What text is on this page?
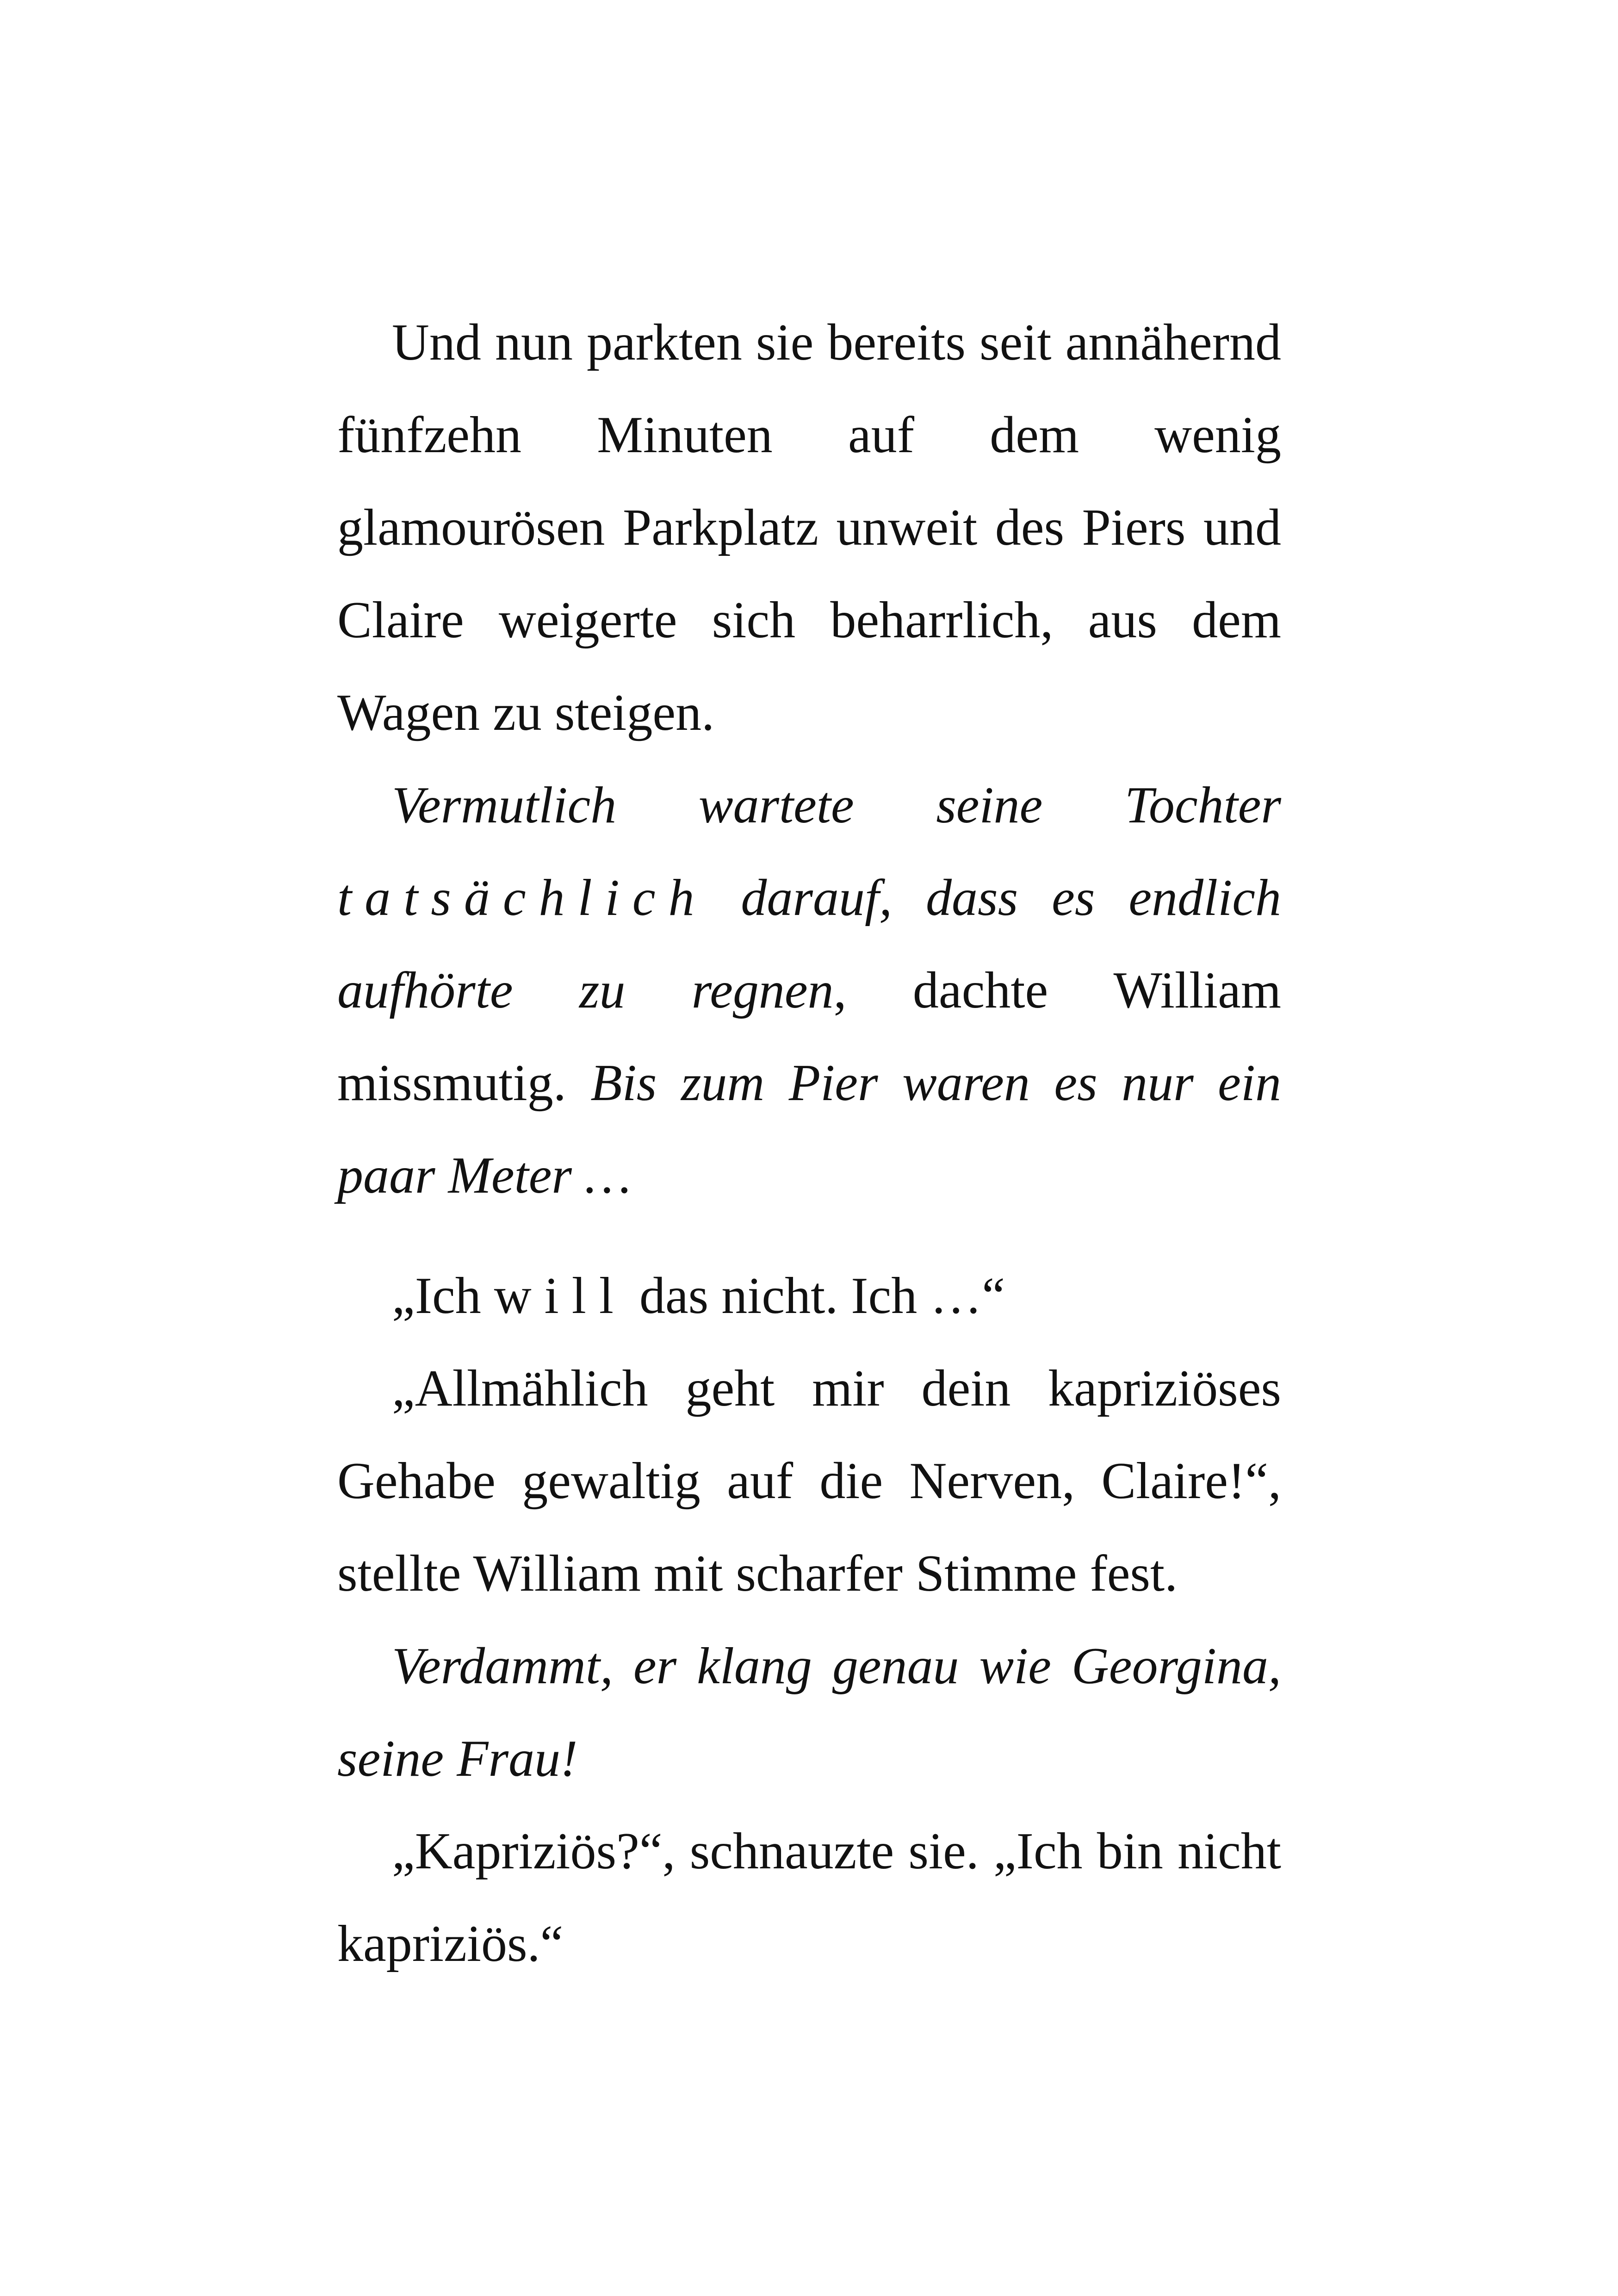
Und nun parkten sie bereits seit annähernd fünfzehn Minuten auf dem wenig glamourösen Parkplatz unweit des Piers und Claire weigerte sich beharrlich, aus dem Wagen zu steigen.

Vermutlich wartete seine Tochter tatsächlich darauf, dass es endlich aufhörte zu regnen, dachte William missmutig. Bis zum Pier waren es nur ein paar Meter …

„Ich will das nicht. Ich …“

„Allmählich geht mir dein kapriziöses Gehabe gewaltig auf die Nerven, Claire!“, stellte William mit scharfer Stimme fest.

Verdammt, er klang genau wie Georgina, seine Frau!

„Kapriziös?“, schnauzte sie. „Ich bin nicht kapriziös.“
